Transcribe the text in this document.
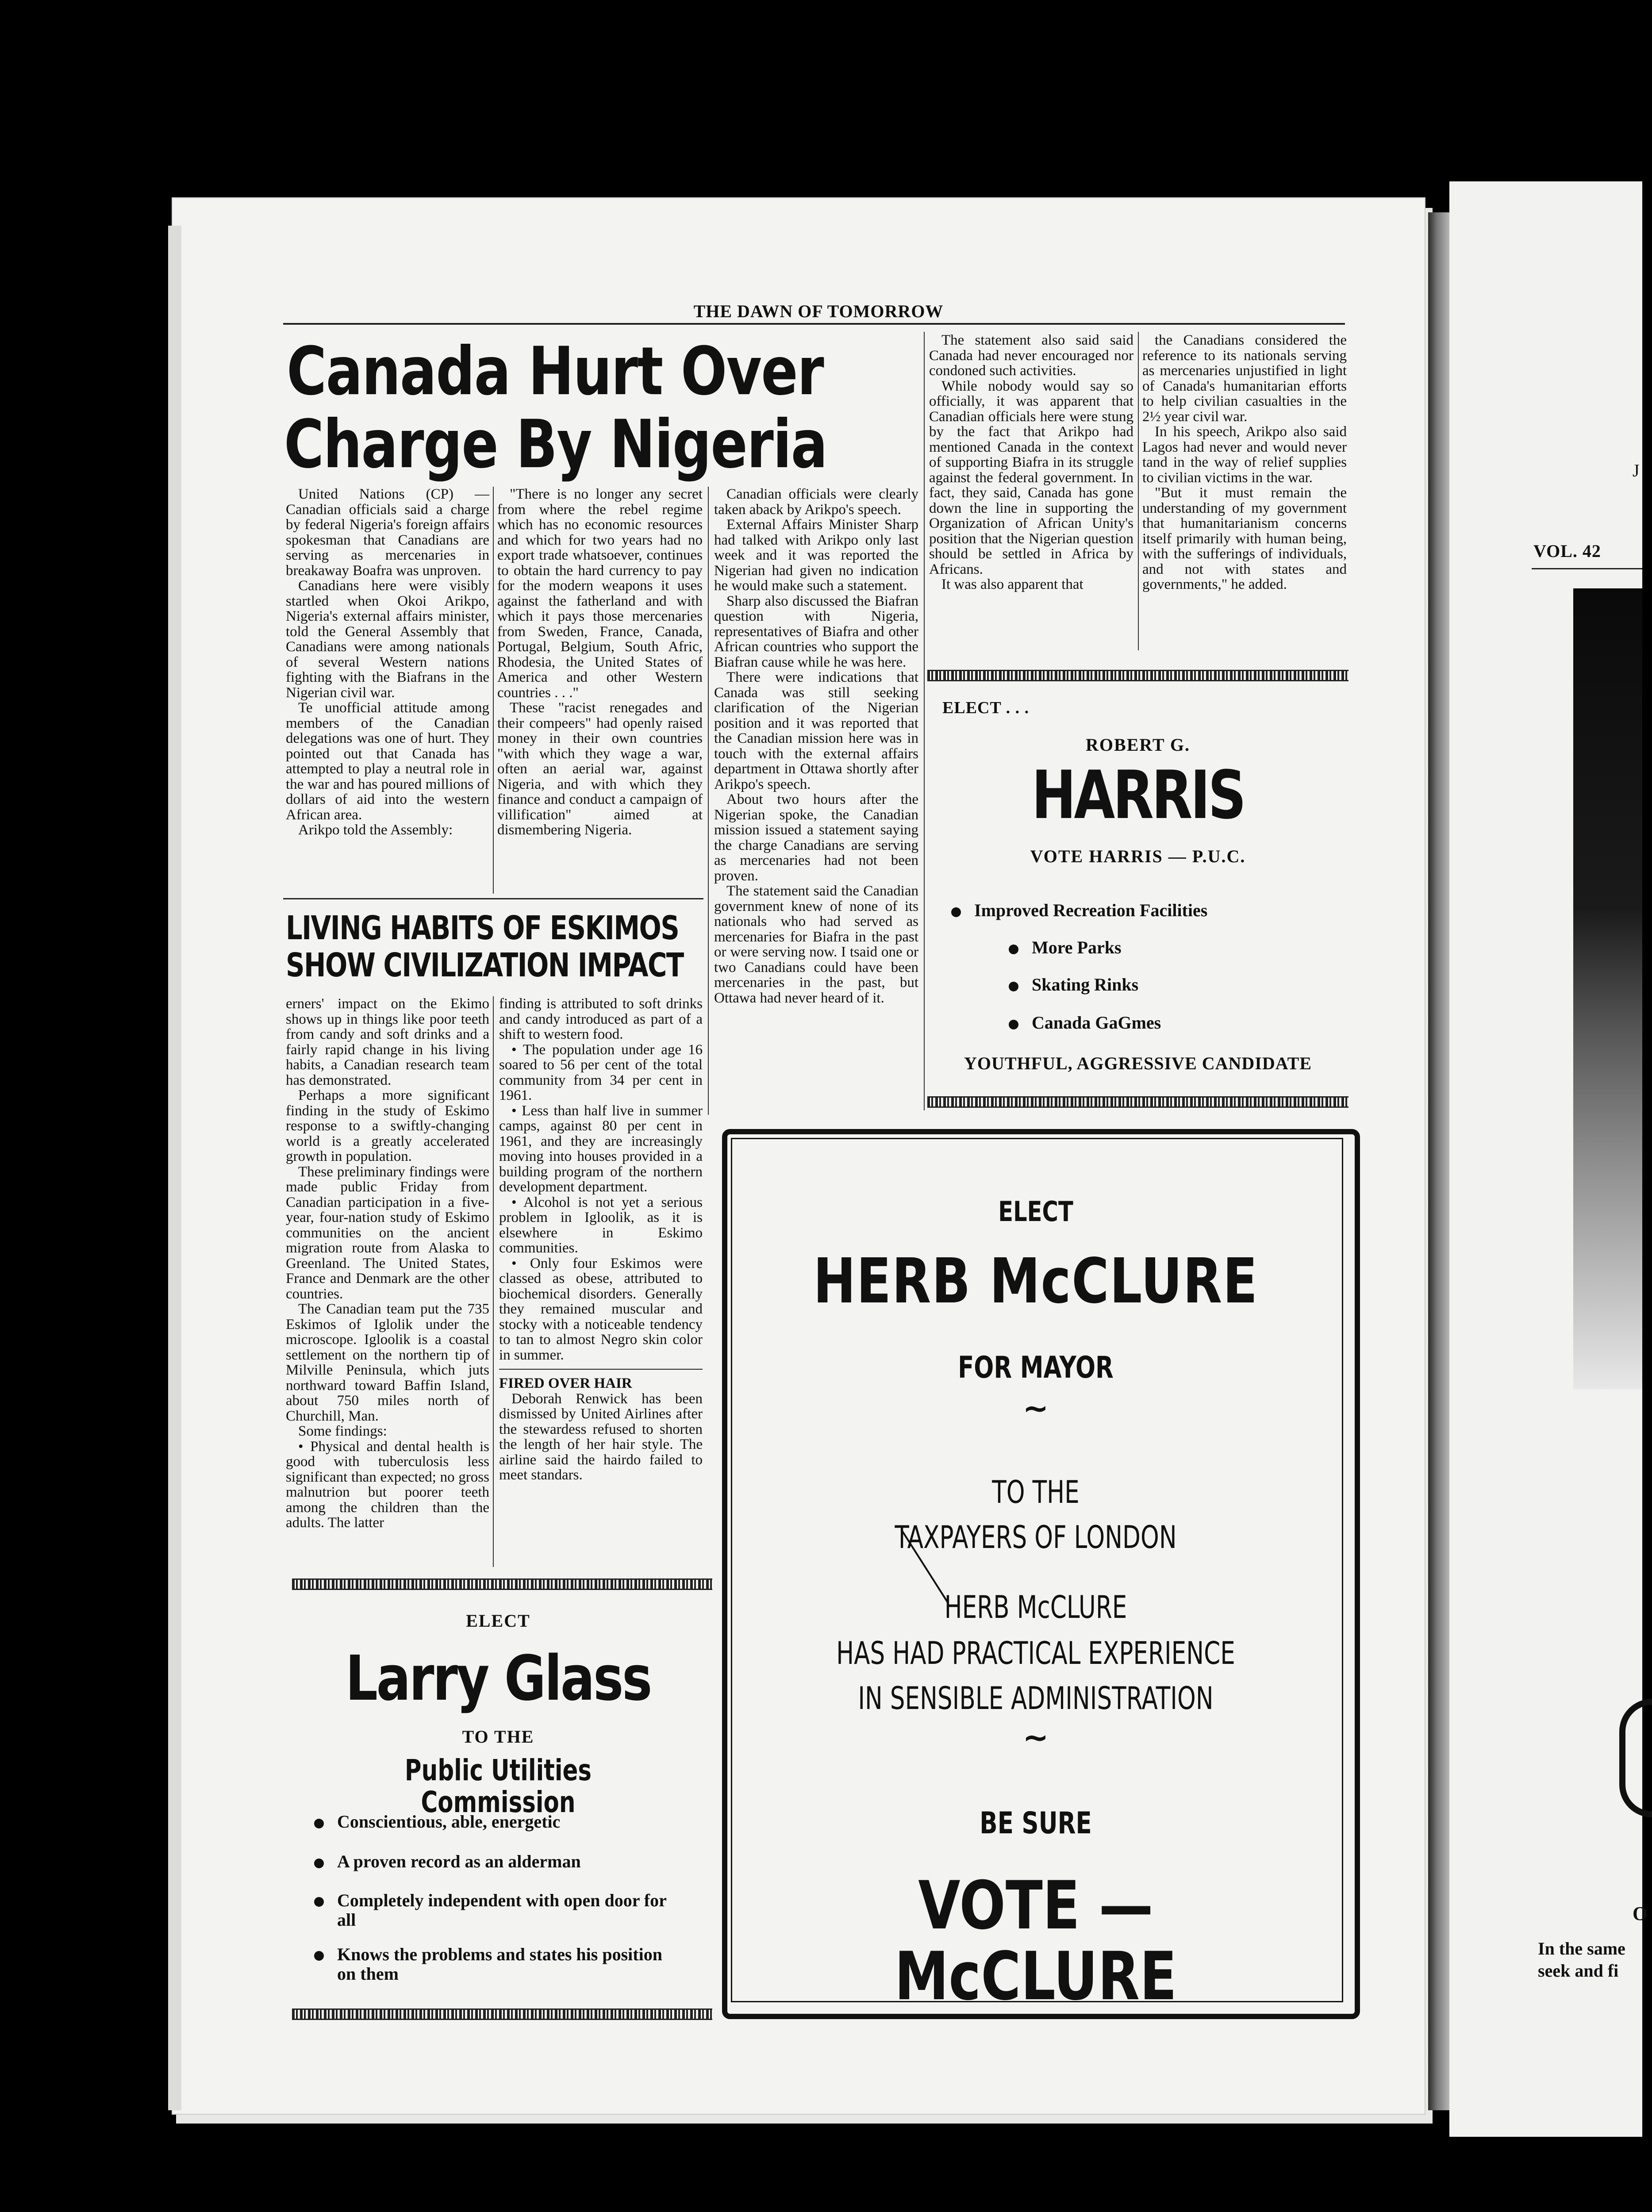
THE DAWN OF TOMORROW
Canada Hurt Over
Charge By Nigeria

United Nations (CP) — Canadian officials said a charge by federal Nigeria's foreign affairs spokesman that Canadians are serving as mercenaries in breakaway Boafra was unproven.

Canadians here were visibly startled when Okoi Arikpo, Nigeria's external affairs minister, told the General Assembly that Canadians were among nationals of several Western nations fighting with the Biafrans in the Nigerian civil war.

Te unofficial attitude among members of the Canadian delegations was one of hurt. They pointed out that Canada has attempted to play a neutral role in the war and has poured millions of dollars of aid into the western African area.

Arikpo told the Assembly:

"There is no longer any secret from where the rebel regime which has no economic resources and which for two years had no export trade whatsoever, continues to obtain the hard currency to pay for the modern weapons it uses against the fatherland and with which it pays those mercenaries from Sweden, France, Canada, Portugal, Belgium, South Afric, Rhodesia, the United States of America and other Western countries . . ."

These "racist renegades and their compeers" had openly raised money in their own countries "with which they wage a war, often an aerial war, against Nigeria, and with which they finance and conduct a campaign of villification" aimed at dismembering Nigeria.

Canadian officials were clearly taken aback by Arikpo's speech.

External Affairs Minister Sharp had talked with Arikpo only last week and it was reported the Nigerian had given no indication he would make such a statement.

Sharp also discussed the Biafran question with Nigeria, representatives of Biafra and other African countries who support the Biafran cause while he was here.

There were indications that Canada was still seeking clarification of the Nigerian position and it was reported that the Canadian mission here was in touch with the external affairs department in Ottawa shortly after Arikpo's speech.

About two hours after the Nigerian spoke, the Canadian mission issued a statement saying the charge Canadians are serving as mercenaries had not been proven.

The statement said the Canadian government knew of none of its nationals who had served as mercenaries for Biafra in the past or were serving now. I tsaid one or two Canadians could have been mercenaries in the past, but Ottawa had never heard of it.

The statement also said said Canada had never encouraged nor condoned such activities.

While nobody would say so officially, it was apparent that Canadian officials here were stung by the fact that Arikpo had mentioned Canada in the context of supporting Biafra in its struggle against the federal government. In fact, they said, Canada has gone down the line in supporting the Organization of African Unity's position that the Nigerian question should be settled in Africa by Africans.

It was also apparent that

the Canadians considered the reference to its nationals serving as mercenaries unjustified in light of Canada's humanitarian efforts to help civilian casualties in the 2½ year civil war.

In his speech, Arikpo also said Lagos had never and would never tand in the way of relief supplies to civilian victims in the war.

"But it must remain the understanding of my government that humanitarianism concerns itself primarily with human being, with the sufferings of individuals, and not with states and governments," he added.

LIVING HABITS OF ESKIMOS
SHOW CIVILIZATION IMPACT

erners' impact on the Ekimo shows up in things like poor teeth from candy and soft drinks and a fairly rapid change in his living habits, a Canadian research team has demonstrated.

Perhaps a more significant finding in the study of Eskimo response to a swiftly-changing world is a greatly accelerated growth in population.

These preliminary findings were made public Friday from Canadian participation in a five-year, four-nation study of Eskimo communities on the ancient migration route from Alaska to Greenland. The United States, France and Denmark are the other countries.

The Canadian team put the 735 Eskimos of Iglolik under the microscope. Igloolik is a coastal settlement on the northern tip of Milville Peninsula, which juts northward toward Baffin Island, about 750 miles north of Churchill, Man.

Some findings:

• Physical and dental health is good with tuberculosis less significant than expected; no gross malnutrion but poorer teeth among the children than the adults. The latter

finding is attributed to soft drinks and candy introduced as part of a shift to western food.

• The population under age 16 soared to 56 per cent of the total community from 34 per cent in 1961.

• Less than half live in summer camps, against 80 per cent in 1961, and they are increasingly moving into houses provided in a building program of the northern development department.

• Alcohol is not yet a serious problem in Igloolik, as it is elsewhere in Eskimo communities.

• Only four Eskimos were classed as obese, attributed to biochemical disorders. Generally they remained muscular and stocky with a noticeable tendency to tan to almost Negro skin color in summer.

FIRED OVER HAIR

Deborah Renwick has been dismissed by United Airlines after the stewardess refused to shorten the length of her hair style. The airline said the hairdo failed to meet standars.

ELECT . . .
ROBERT G.
HARRIS
VOTE HARRIS — P.U.C.
Improved Recreation Facilities
More Parks
Skating Rinks
Canada GaGmes
YOUTHFUL, AGGRESSIVE CANDIDATE
ELECT
Larry Glass
TO THE
Public Utilities Commission
Conscientious, able, energetic
A proven record as an alderman
Completely independent with open door for all
Knows the problems and states his position on them
ELECT
HERB McCLURE
FOR MAYOR
~
TO THE
TAXPAYERS OF LONDON
HERB McCLURE
HAS HAD PRACTICAL EXPERIENCE
IN SENSIBLE ADMINISTRATION
~
BE SURE
VOTE — McCLURE
J
VOL. 42
O
In the same
seek and fi
